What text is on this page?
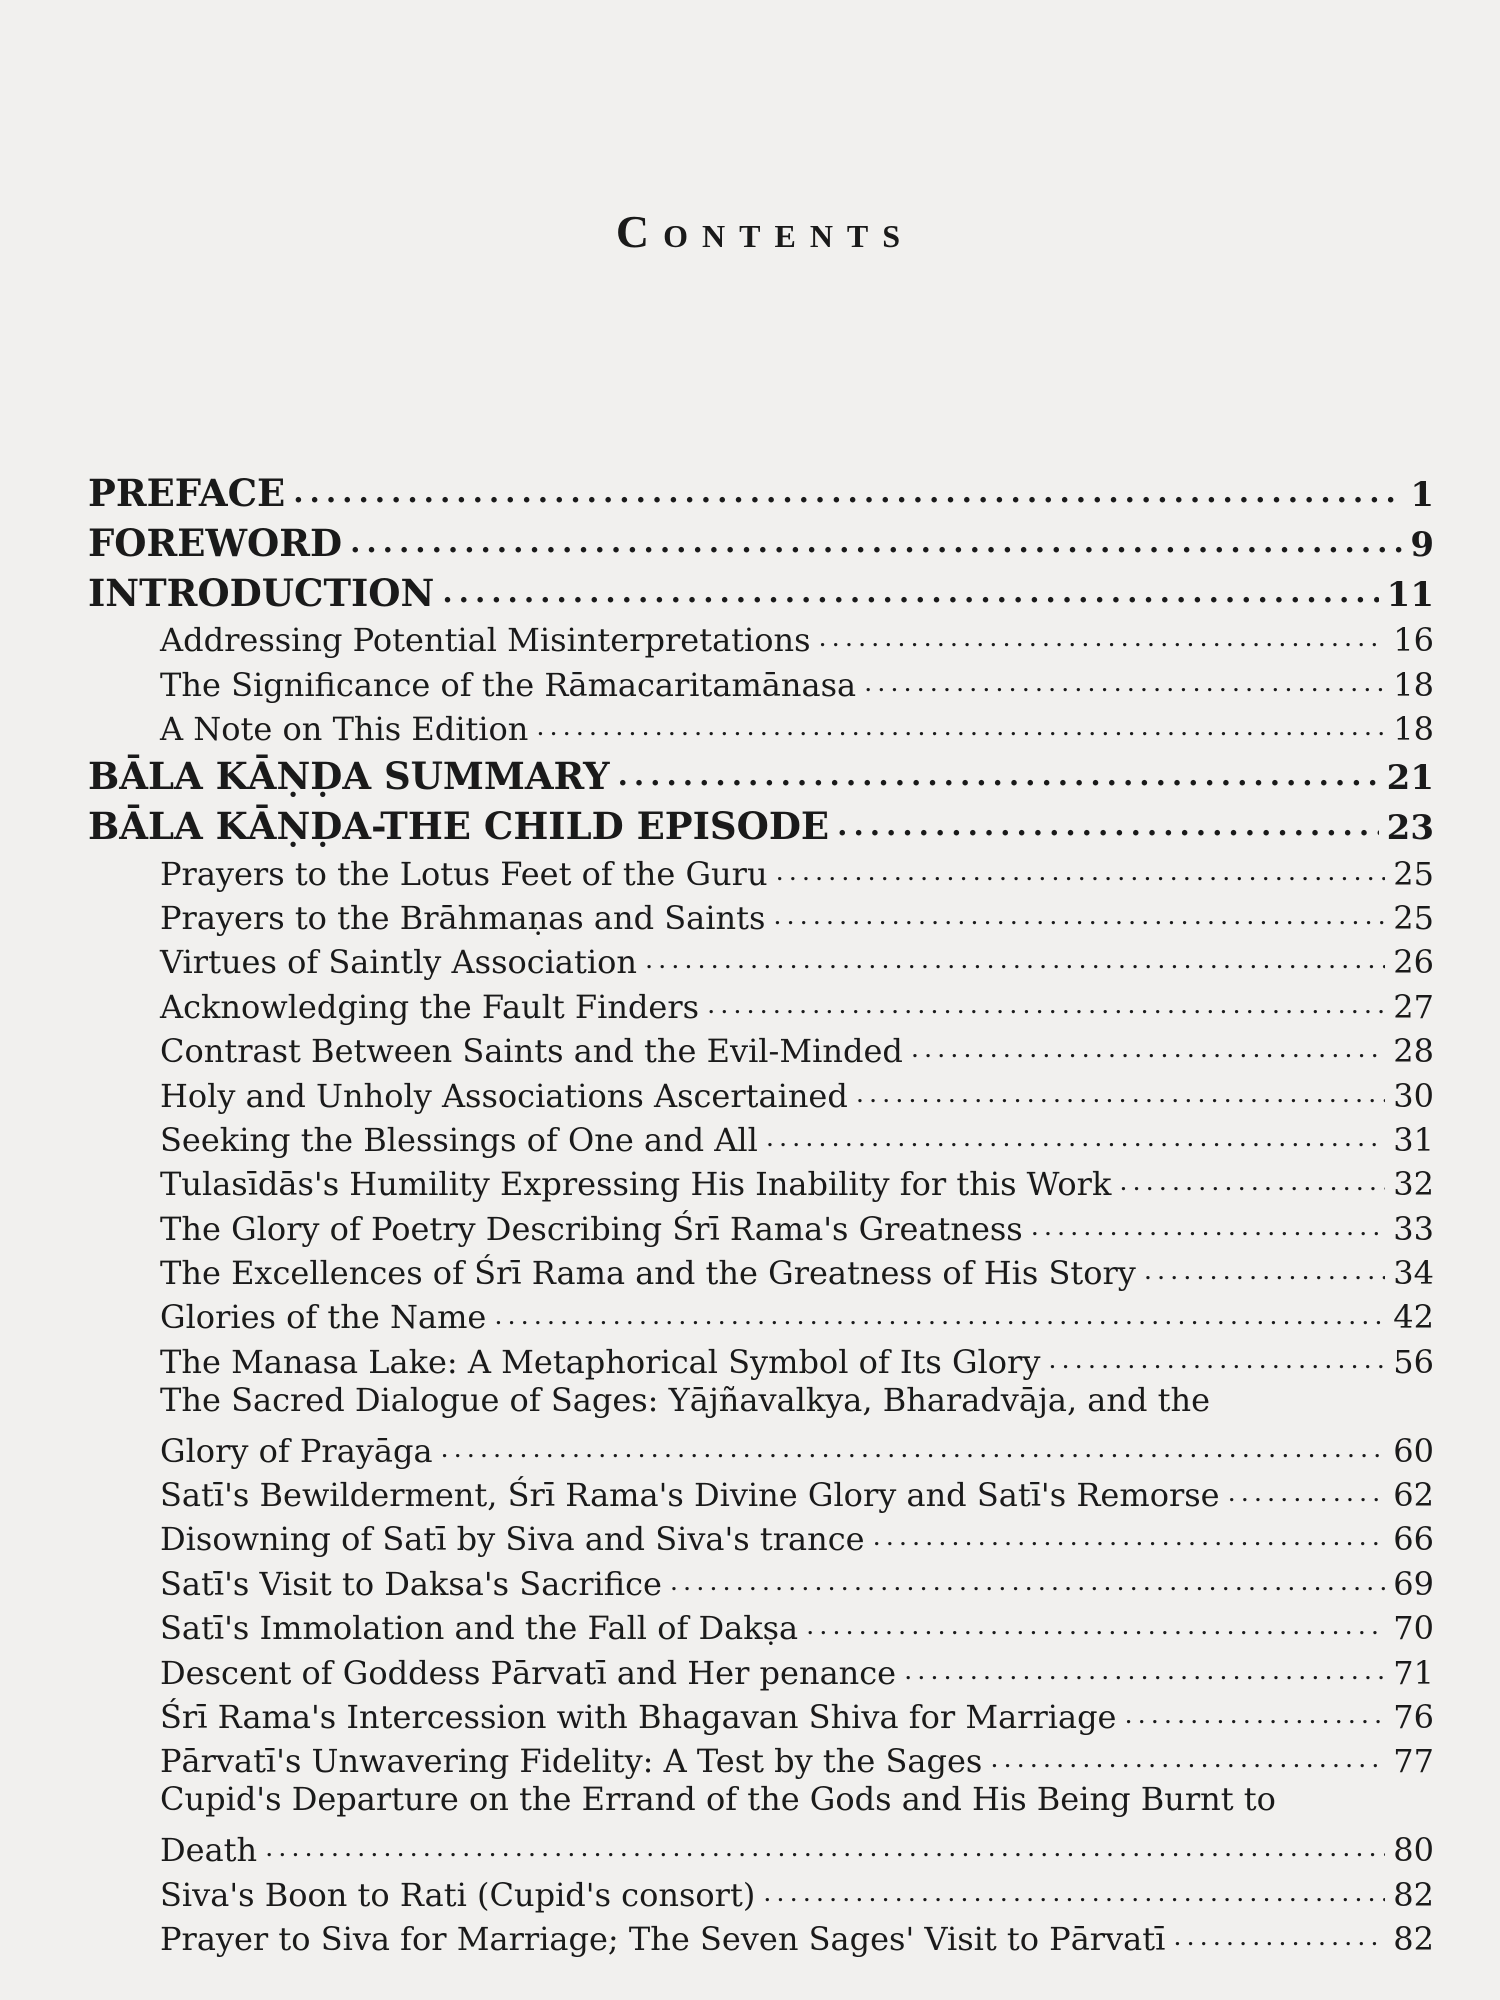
Contents
PREFACE .....	1
FOREWORD .....	9
INTRODUCTION .....	11
Addressing Potential Misinterpretations .....	16
The Significance of the Rāmacaritamānasa .....	18
A Note on This Edition .....	18
BĀLA KĀṆḌA SUMMARY .....	21
BĀLA KĀṆḌA-THE CHILD EPISODE .....	23
Prayers to the Lotus Feet of the Guru .....	25
Prayers to the Brāhmaṇas and Saints .....	25
Virtues of Saintly Association .....	26
Acknowledging the Fault Finders .....	27
Contrast Between Saints and the Evil-Minded .....	28
Holy and Unholy Associations Ascertained .....	30
Seeking the Blessings of One and All .....	31
Tulasīdās's Humility Expressing His Inability for this Work .....	32
The Glory of Poetry Describing Śrī Rama's Greatness .....	33
The Excellences of Śrī Rama and the Greatness of His Story .....	34
Glories of the Name .....	42
The Manasa Lake: A Metaphorical Symbol of Its Glory .....	56
The Sacred Dialogue of Sages: Yājñavalkya, Bharadvāja, and the
Glory of Prayāga .....	60
Satī's Bewilderment, Śrī Rama's Divine Glory and Satī's Remorse .....	62
Disowning of Satī by Siva and Siva's trance .....	66
Satī's Visit to Daksa's Sacrifice .....	69
Satī's Immolation and the Fall of Dakṣa .....	70
Descent of Goddess Pārvatī and Her penance .....	71
Śrī Rama's Intercession with Bhagavan Shiva for Marriage .....	76
Pārvatī's Unwavering Fidelity: A Test by the Sages .....	77
Cupid's Departure on the Errand of the Gods and His Being Burnt to
Death .....	80
Siva's Boon to Rati (Cupid's consort) .....	82
Prayer to Siva for Marriage; The Seven Sages' Visit to Pārvatī .....	82
